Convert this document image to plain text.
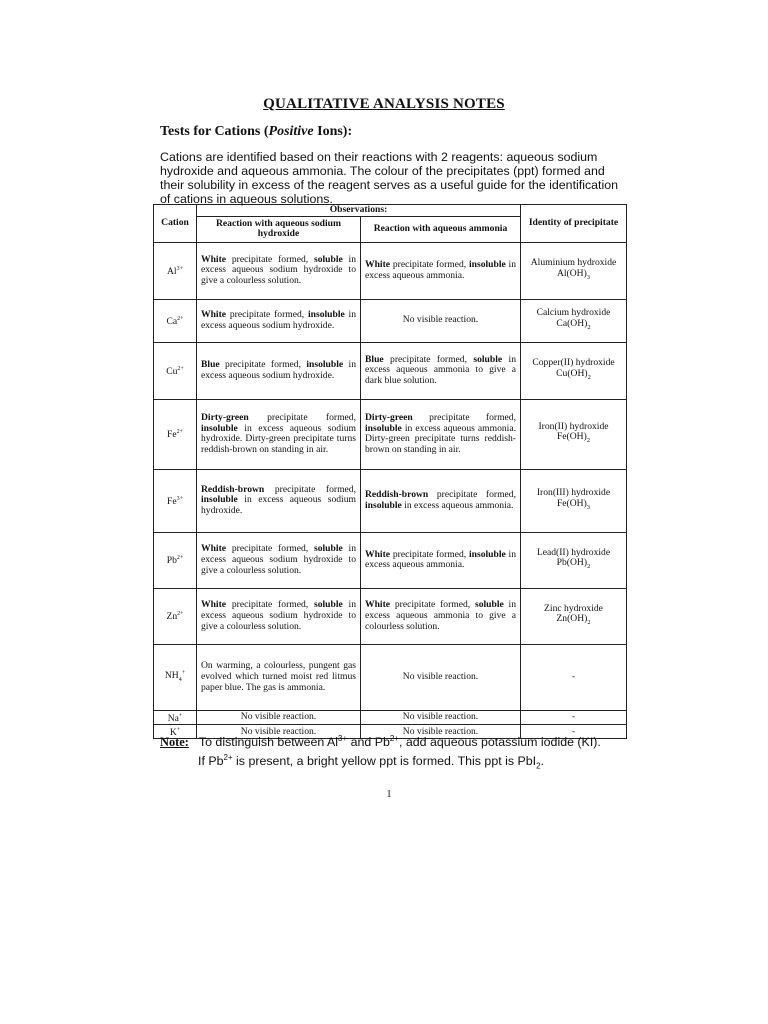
QUALITATIVE ANALYSIS NOTES
Tests for Cations (Positive Ions):
Cations are identified based on their reactions with 2 reagents: aqueous sodium hydroxide and aqueous ammonia. The colour of the precipitates (ppt) formed and their solubility in excess of the reagent serves as a useful guide for the identification of cations in aqueous solutions.
Cation	Observations:		Identity of precipitate
	Reaction with aqueous sodium hydroxide	Reaction with aqueous ammonia	
$Al^{3+}$	White precipitate formed, soluble in excess aqueous sodium hydroxide to give a colourless solution.	White precipitate formed, insoluble in excess aqueous ammonia.	Aluminium hydroxide
$Al(OH)_3$
$Ca^{2+}$	White precipitate formed, insoluble in excess aqueous sodium hydroxide.	No visible reaction.	Calcium hydroxide
$Ca(OH)_2$
$Cu^{2+}$	Blue precipitate formed, insoluble in excess aqueous sodium hydroxide.	Blue precipitate formed, soluble in excess aqueous ammonia to give a dark blue solution.	Copper(II) hydroxide
$Cu(OH)_2$
$Fe^{2+}$	Dirty-green precipitate formed, insoluble in excess aqueous sodium hydroxide. Dirty-green precipitate turns reddish-brown on standing in air.	Dirty-green precipitate formed, insoluble in excess aqueous ammonia. Dirty-green precipitate turns reddish-brown on standing in air.	Iron(II) hydroxide
$Fe(OH)_2$
$Fe^{3+}$	Reddish-brown precipitate formed, insoluble in excess aqueous sodium hydroxide.	Reddish-brown precipitate formed, insoluble in excess aqueous ammonia.	Iron(III) hydroxide
$Fe(OH)_3$
$Pb^{2+}$	White precipitate formed, soluble in excess aqueous sodium hydroxide to give a colourless solution.	White precipitate formed, insoluble in excess aqueous ammonia.	Lead(II) hydroxide
$Pb(OH)_2$
$Zn^{2+}$	White precipitate formed, soluble in excess aqueous sodium hydroxide to give a colourless solution.	White precipitate formed, soluble in excess aqueous ammonia to give a colourless solution.	Zinc hydroxide
$Zn(OH)_2$
$NH_4^+$	On warming, a colourless, pungent gas evolved which turned moist red litmus paper blue. The gas is ammonia.	No visible reaction.	-
Na+	No visible reaction.	No visible reaction.	-
K+	No visible reaction.	No visible reaction.	-
Note: To distinguish between $Al^{3+}$ and $Pb^{2+}$, add aqueous potassium iodide (KI).
If $Pb^{2+}$ is present, a bright yellow ppt is formed. This ppt is PbI$_2$.
1
